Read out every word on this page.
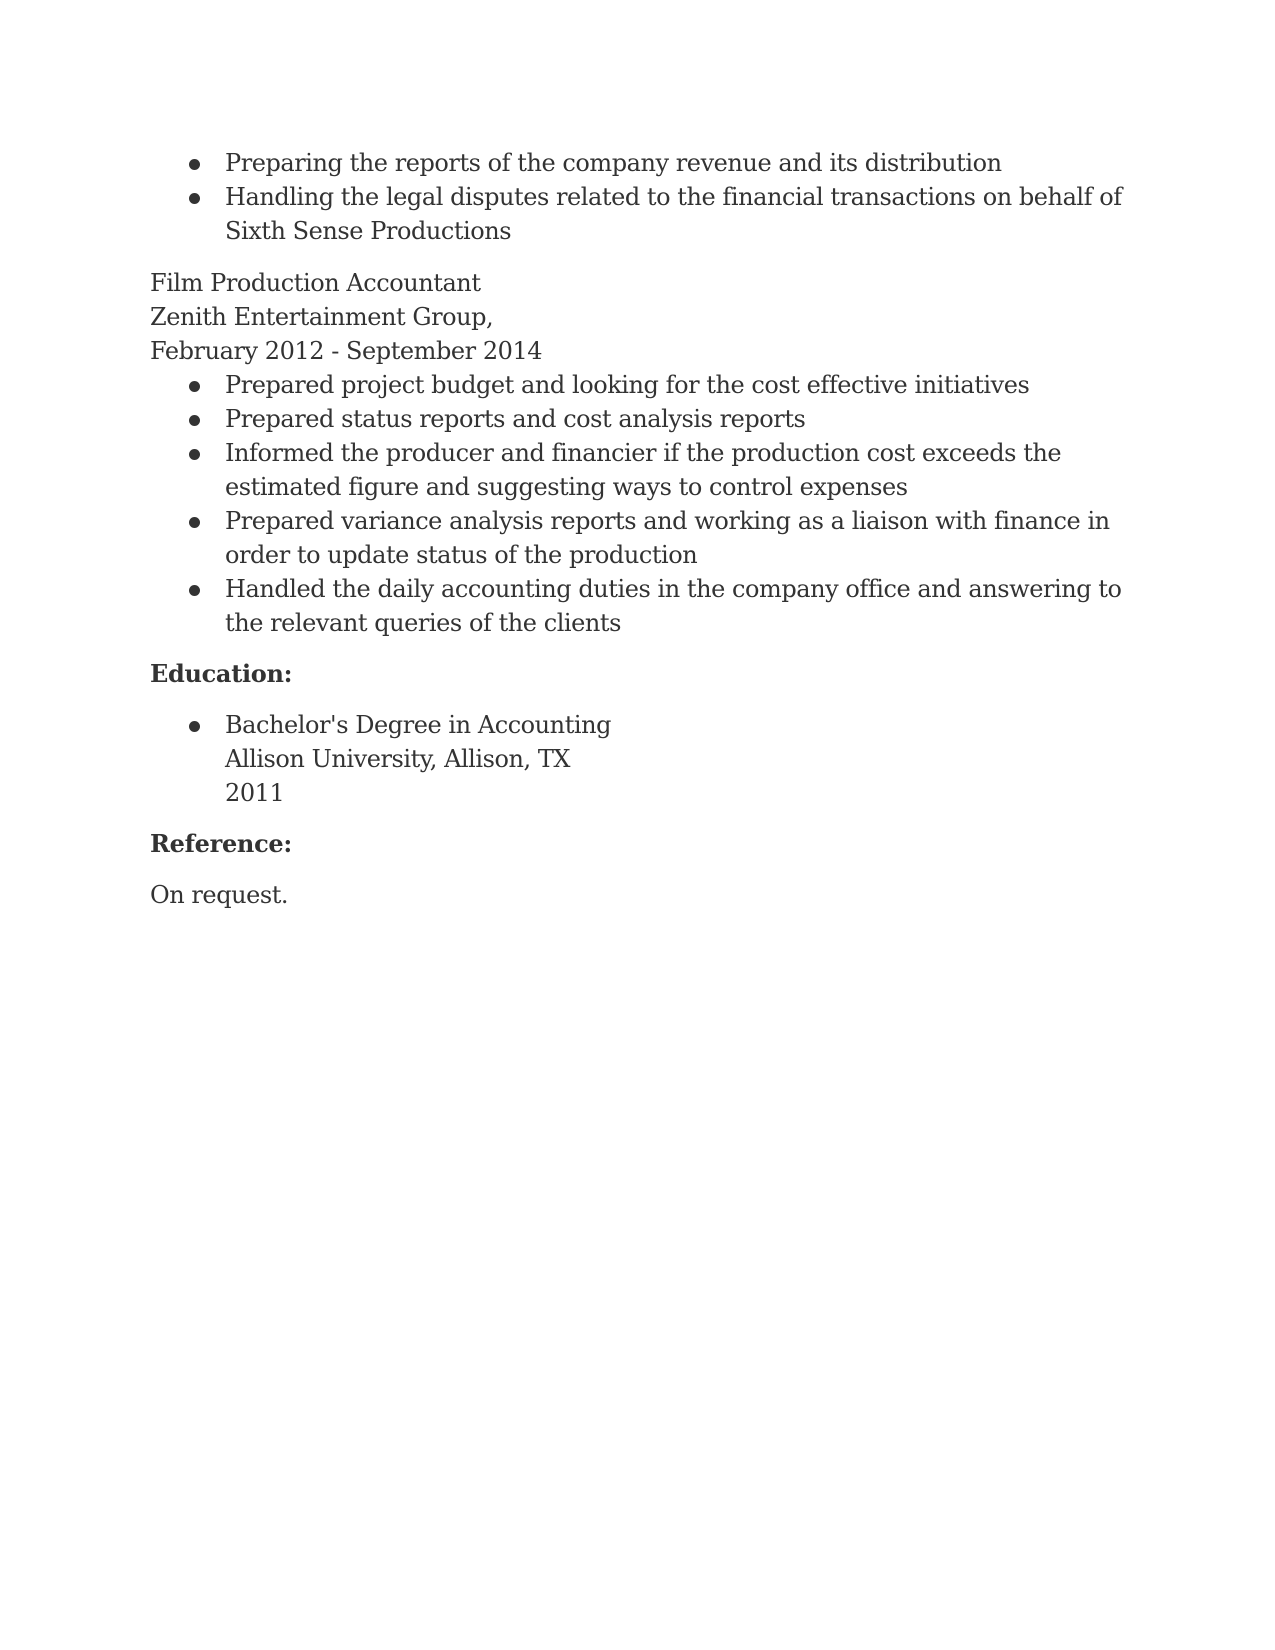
Preparing the reports of the company revenue and its distribution
Handling the legal disputes related to the financial transactions on behalf of Sixth Sense Productions
Film Production Accountant
Zenith Entertainment Group,
February 2012 - September 2014
Prepared project budget and looking for the cost effective initiatives
Prepared status reports and cost analysis reports
Informed the producer and financier if the production cost exceeds the estimated figure and suggesting ways to control expenses
Prepared variance analysis reports and working as a liaison with finance in order to update status of the production
Handled the daily accounting duties in the company office and answering to the relevant queries of the clients
Education:
Bachelor's Degree in Accounting
Allison University, Allison, TX
2011
Reference:
On request.
